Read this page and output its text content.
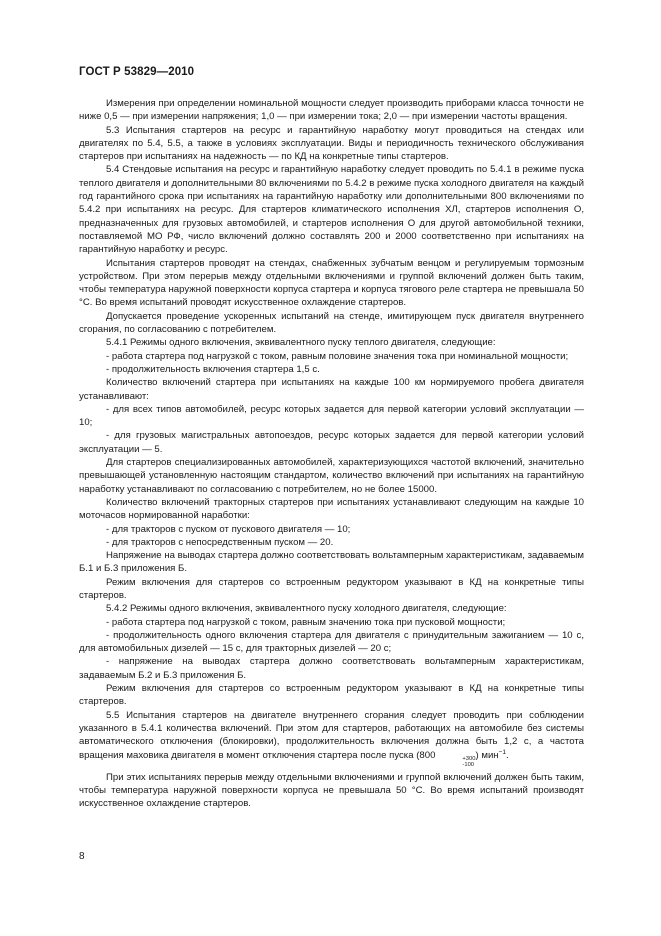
ГОСТ Р 53829—2010

Измерения при определении номинальной мощности следует производить приборами класса точности не ниже 0,5 — при измерении напряжения; 1,0 — при измерении тока; 2,0 — при измерении частоты вращения.

5.3 Испытания стартеров на ресурс и гарантийную наработку могут проводиться на стендах или двигателях по 5.4, 5.5, а также в условиях эксплуатации. Виды и периодичность технического обслуживания стартеров при испытаниях на надежность — по КД на конкретные типы стартеров.

5.4 Стендовые испытания на ресурс и гарантийную наработку следует проводить по 5.4.1 в режиме пуска теплого двигателя и дополнительными 80 включениями по 5.4.2 в режиме пуска холодного двигателя на каждый год гарантийного срока при испытаниях на гарантийную наработку или дополнительными 800 включениями по 5.4.2 при испытаниях на ресурс. Для стартеров климатического исполнения ХЛ, стартеров исполнения О, предназначенных для грузовых автомобилей, и стартеров исполнения О для другой автомобильной техники, поставляемой МО РФ, число включений должно составлять 200 и 2000 соответственно при испытаниях на гарантийную наработку и ресурс.

Испытания стартеров проводят на стендах, снабженных зубчатым венцом и регулируемым тормозным устройством. При этом перерыв между отдельными включениями и группой включений должен быть таким, чтобы температура наружной поверхности корпуса стартера и корпуса тягового реле стартера не превышала 50 °С. Во время испытаний проводят искусственное охлаждение стартеров.

Допускается проведение ускоренных испытаний на стенде, имитирующем пуск двигателя внутреннего сгорания, по согласованию с потребителем.

5.4.1 Режимы одного включения, эквивалентного пуску теплого двигателя, следующие:

- работа стартера под нагрузкой с током, равным половине значения тока при номинальной мощности;

- продолжительность включения стартера 1,5 с.

Количество включений стартера при испытаниях на каждые 100 км нормируемого пробега двигателя устанавливают:

- для всех типов автомобилей, ресурс которых задается для первой категории условий эксплуатации — 10;

- для грузовых магистральных автопоездов, ресурс которых задается для первой категории условий эксплуатации — 5.

Для стартеров специализированных автомобилей, характеризующихся частотой включений, значительно превышающей установленную настоящим стандартом, количество включений при испытаниях на гарантийную наработку устанавливают по согласованию с потребителем, но не более 15000.

Количество включений тракторных стартеров при испытаниях устанавливают следующим на каждые 10 моточасов нормированной наработки:

- для тракторов с пуском от пускового двигателя — 10;

- для тракторов с непосредственным пуском — 20.

Напряжение на выводах стартера должно соответствовать вольтамперным характеристикам, задаваемым Б.1 и Б.3 приложения Б.

Режим включения для стартеров со встроенным редуктором указывают в КД на конкретные типы стартеров.

5.4.2 Режимы одного включения, эквивалентного пуску холодного двигателя, следующие:

- работа стартера под нагрузкой с током, равным значению тока при пусковой мощности;

- продолжительность одного включения стартера для двигателя с принудительным зажиганием — 10 с, для автомобильных дизелей — 15 с, для тракторных дизелей — 20 с;

- напряжение на выводах стартера должно соответствовать вольтамперным характеристикам, задаваемым Б.2 и Б.3 приложения Б.

Режим включения для стартеров со встроенным редуктором указывают в КД на конкретные типы стартеров.

5.5 Испытания стартеров на двигателе внутреннего сгорания следует проводить при соблюдении указанного в 5.4.1 количества включений. При этом для стартеров, работающих на автомобиле без системы автоматического отключения (блокировки), продолжительность включения должна быть 1,2 с, а частота вращения маховика двигателя в момент отключения стартера после пуска (800	+300
-100
) мин$^{-1}$.

При этих испытаниях перерыв между отдельными включениями и группой включений должен быть таким, чтобы температура наружной поверхности корпуса не превышала 50 °С. Во время испытаний производят искусственное охлаждение стартеров.

8
